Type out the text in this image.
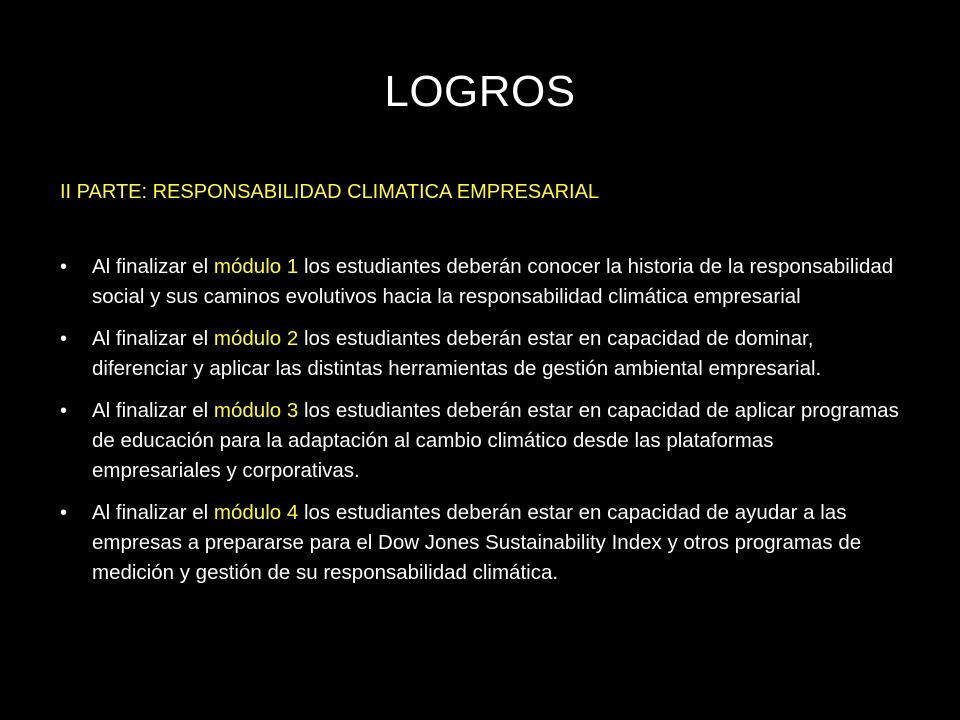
LOGROS
II PARTE: RESPONSABILIDAD CLIMATICA EMPRESARIAL
• Al finalizar el módulo 1 los estudiantes deberán conocer la historia de la responsabilidad social y sus caminos evolutivos hacia la responsabilidad climática empresarial
• Al finalizar el módulo 2 los estudiantes deberán estar en capacidad de dominar, diferenciar y aplicar las distintas herramientas de gestión ambiental empresarial.
• Al finalizar el módulo 3 los estudiantes deberán estar en capacidad de aplicar programas de educación para la adaptación al cambio climático desde las plataformas empresariales y corporativas.
• Al finalizar el módulo 4 los estudiantes deberán estar en capacidad de ayudar a las empresas a prepararse para el Dow Jones Sustainability Index y otros programas de medición y gestión de su responsabilidad climática.
